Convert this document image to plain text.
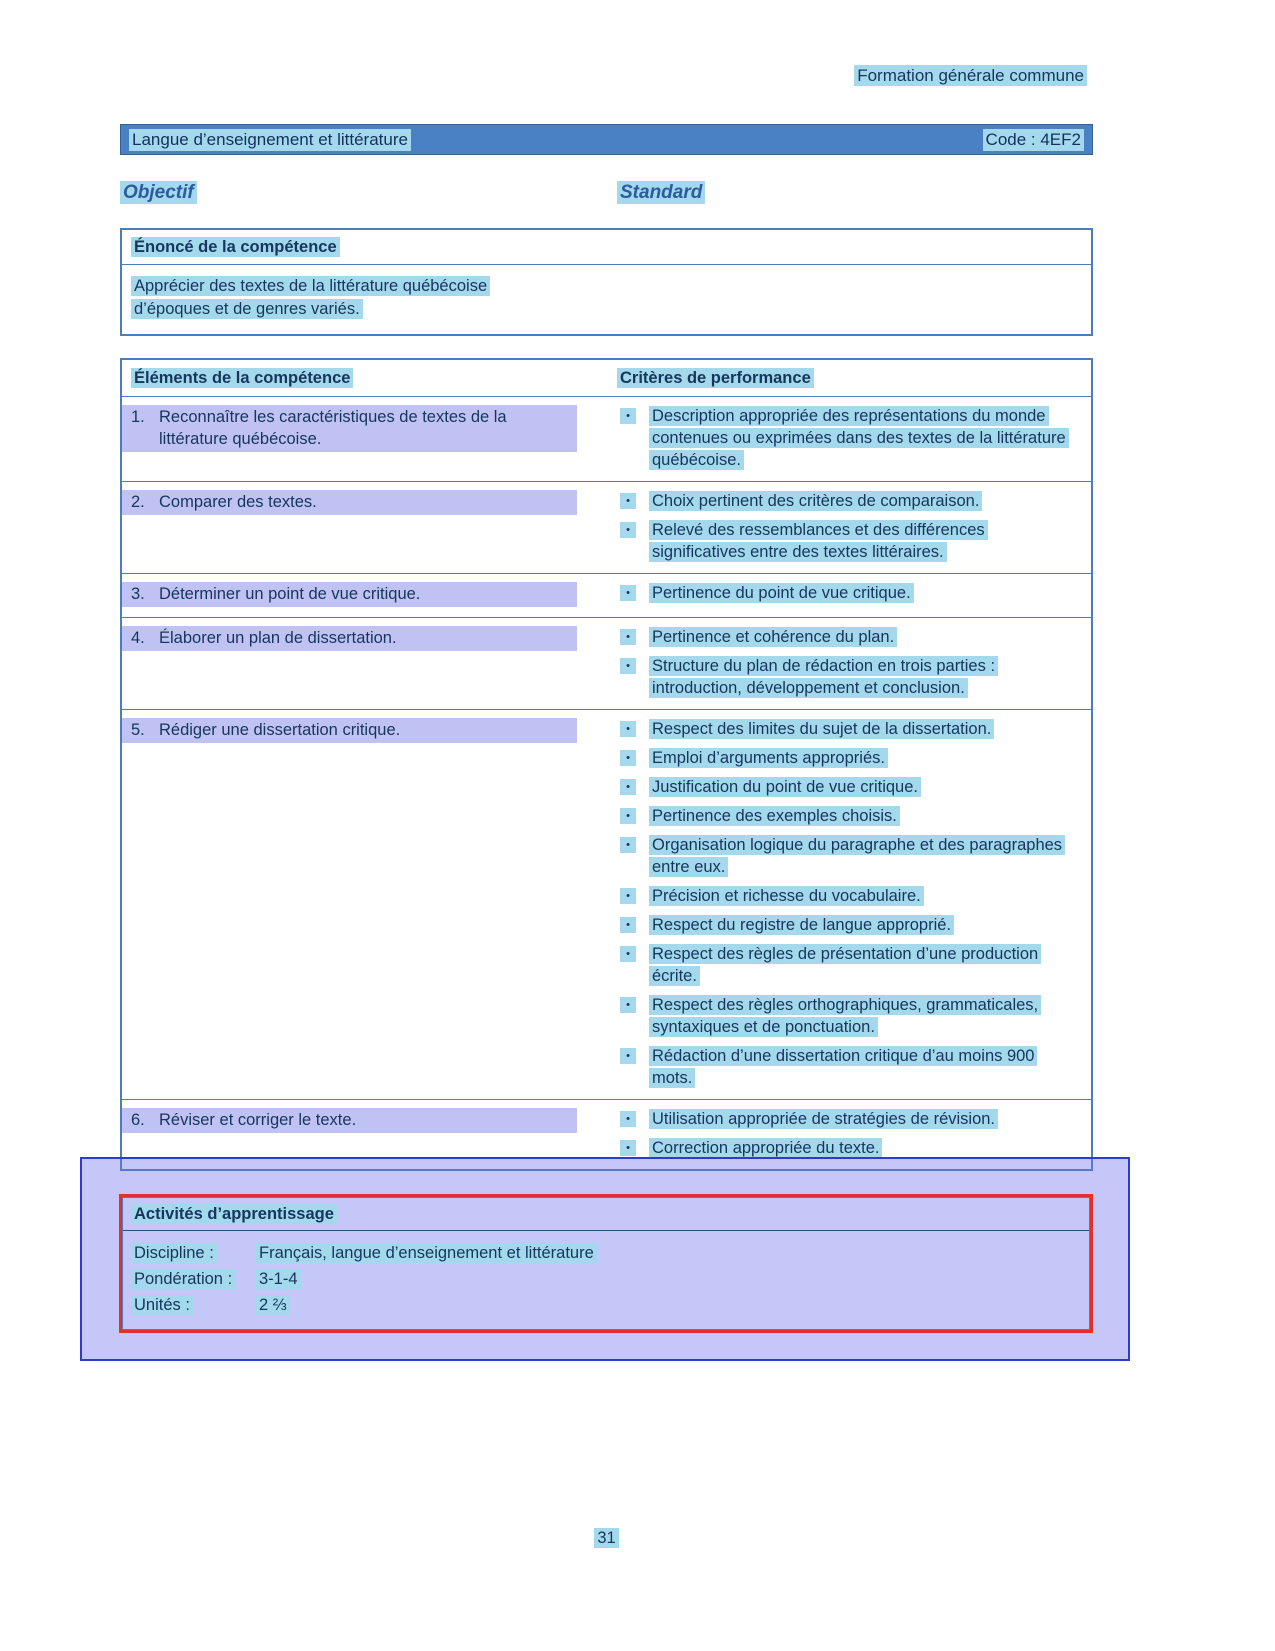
Formation générale commune
Langue d’enseignement et littérature	Code : 4EF2
Objectif	Standard
Énoncé de la compétence
Apprécier des textes de la littérature québécoise
d’époques et de genres variés.
Éléments de la compétence	Critères de performance
1. Reconnaître les caractéristiques de textes de la littérature québécoise.
•	Description appropriée des représentations du monde contenues ou exprimées dans des textes de la littérature québécoise.
2. Comparer des textes.	•	Choix pertinent des critères de comparaison.
•	Relevé des ressemblances et des différences significatives entre des textes littéraires.
3. Déterminer un point de vue critique.	•	Pertinence du point de vue critique.
4. Élaborer un plan de dissertation.	•	Pertinence et cohérence du plan.
•	Structure du plan de rédaction en trois parties : introduction, développement et conclusion.
5. Rédiger une dissertation critique.	•	Respect des limites du sujet de la dissertation.
•	Emploi d’arguments appropriés.
•	Justification du point de vue critique.
•	Pertinence des exemples choisis.
•	Organisation logique du paragraphe et des paragraphes entre eux.
•	Précision et richesse du vocabulaire.
•	Respect du registre de langue approprié.
•	Respect des règles de présentation d’une production écrite.
•	Respect des règles orthographiques, grammaticales, syntaxiques et de ponctuation.
•	Rédaction d’une dissertation critique d’au moins 900 mots.
6. Réviser et corriger le texte.	•	Utilisation appropriée de stratégies de révision.
•	Correction appropriée du texte.
Activités d’apprentissage
Discipline :	Français, langue d’enseignement et littérature
Pondération :	3-1-4
Unités :	2 ⅔
31
